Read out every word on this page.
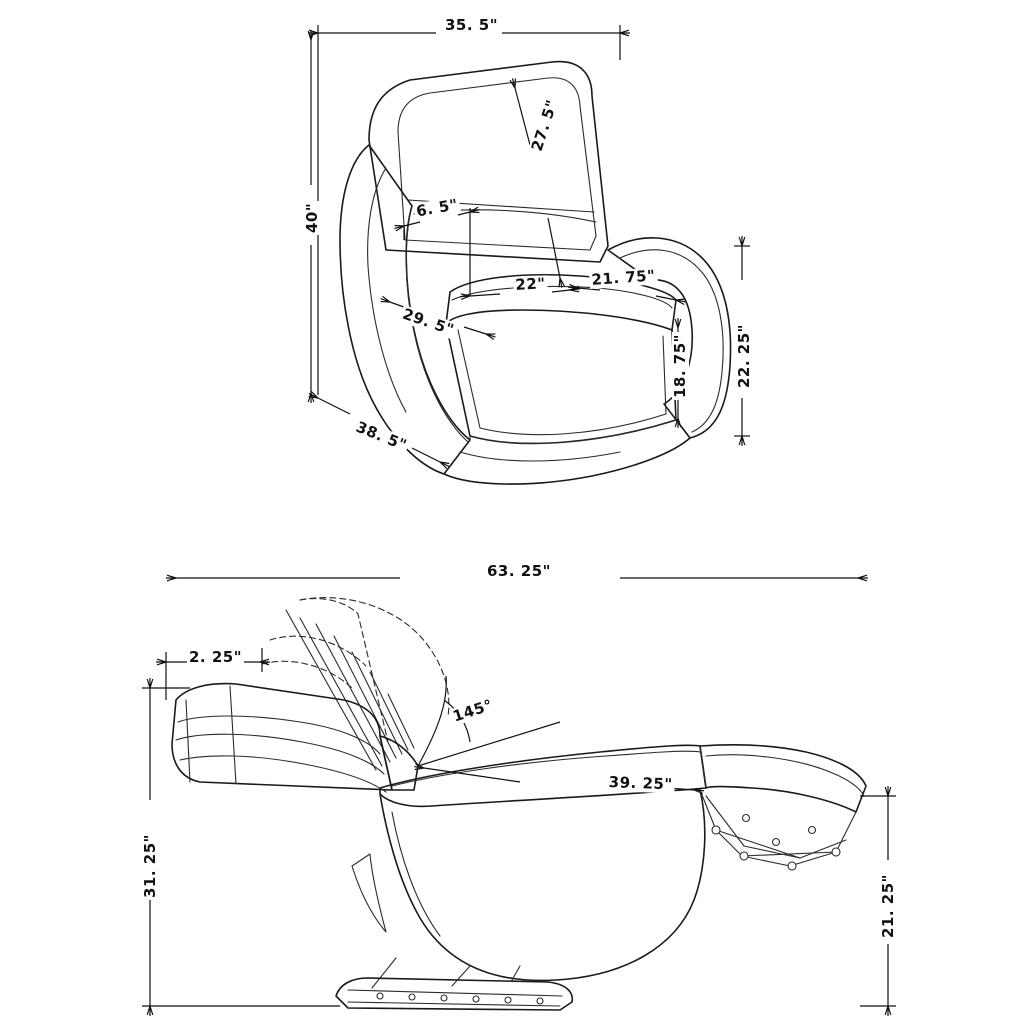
35. 5"
40"
27. 5"
6. 5"
22"	21. 75"
29. 5"
18. 75"	22. 25"
38. 5"
63. 25"
2. 25"
145°
39. 25"
31. 25"
21. 25"
